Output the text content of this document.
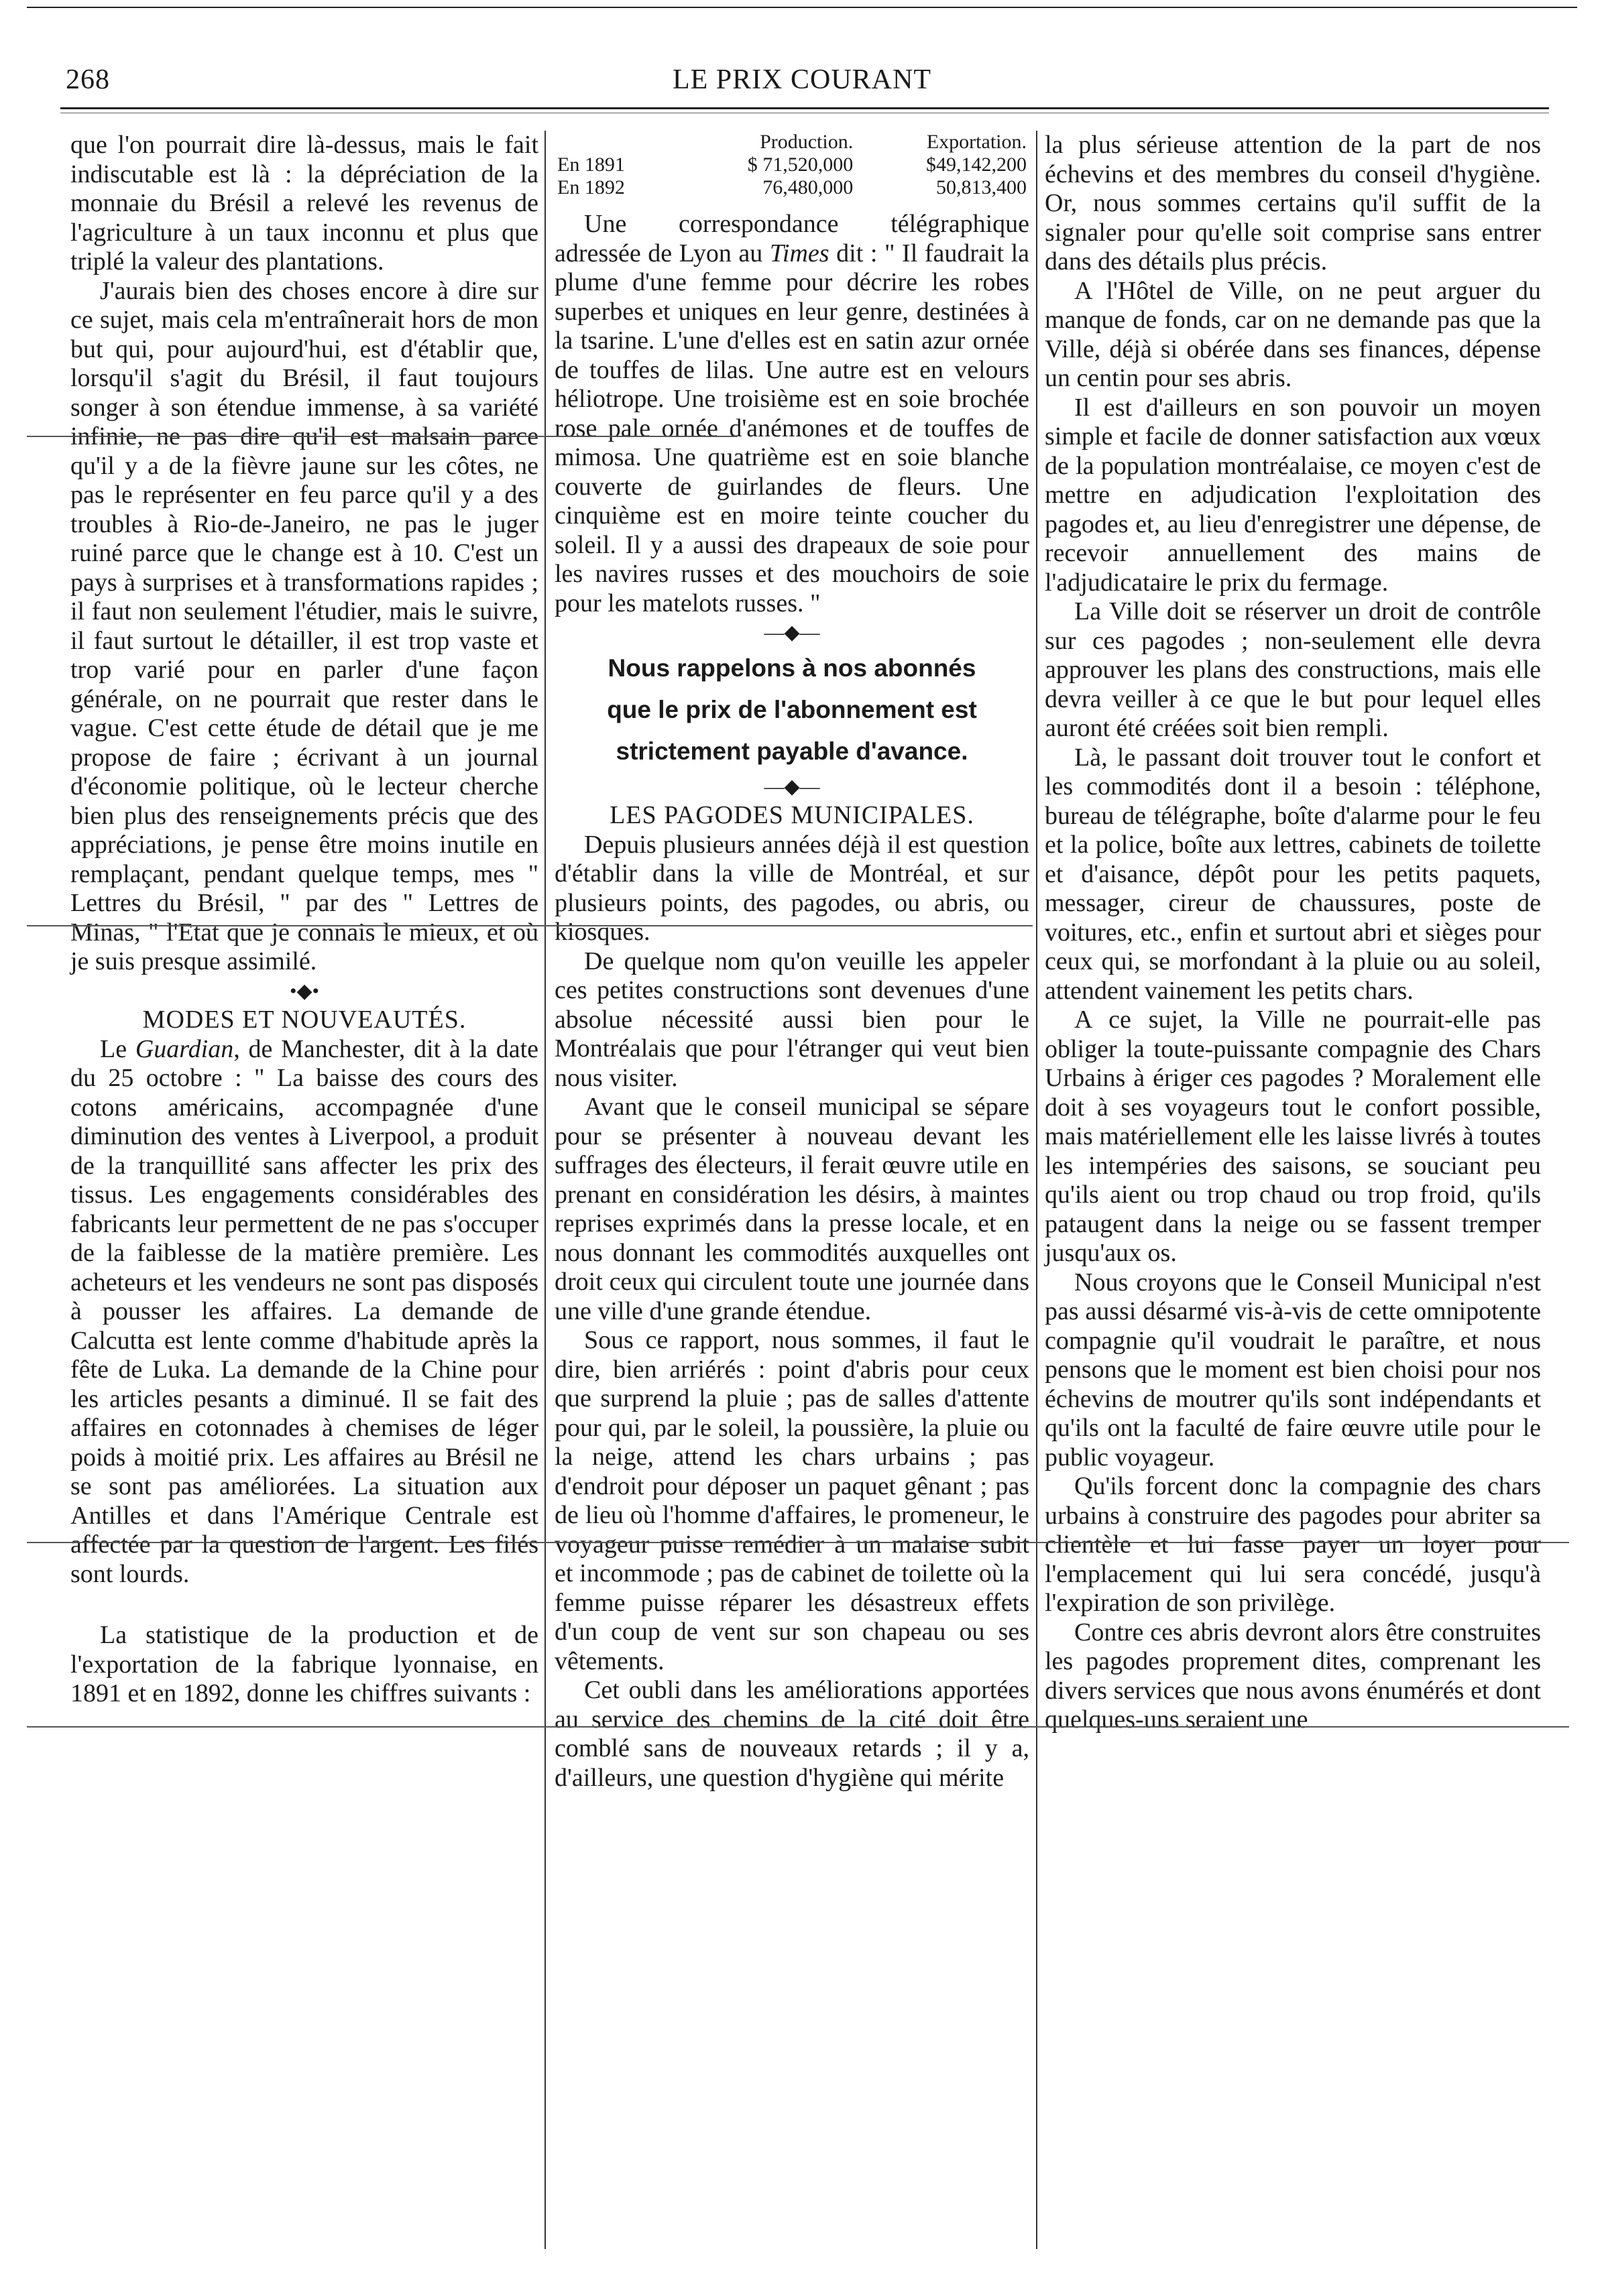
LE PRIX COURANT
268

que l'on pourrait dire là-dessus, mais le fait indiscutable est là : la dépréciation de la monnaie du Brésil a relevé les revenus de l'agriculture à un taux inconnu et plus que triplé la valeur des plantations.

J'aurais bien des choses encore à dire sur ce sujet, mais cela m'entraînerait hors de mon but qui, pour aujourd'hui, est d'établir que, lorsqu'il s'agit du Brésil, il faut toujours songer à son étendue immense, à sa variété infinie, ne pas dire qu'il est malsain parce qu'il y a de la fièvre jaune sur les côtes, ne pas le représenter en feu parce qu'il y a des troubles à Rio-de-Janeiro, ne pas le juger ruiné parce que le change est à 10. C'est un pays à surprises et à transformations rapides ; il faut non seulement l'étudier, mais le suivre, il faut surtout le détailler, il est trop vaste et trop varié pour en parler d'une façon générale, on ne pourrait que rester dans le vague. C'est cette étude de détail que je me propose de faire ; écrivant à un journal d'économie politique, où le lecteur cherche bien plus des renseignements précis que des appréciations, je pense être moins inutile en remplaçant, pendant quelque temps, mes " Lettres du Brésil, " par des " Lettres de Minas, " l'Etat que je connais le mieux, et où je suis presque assimilé.

•◆•

MODES ET NOUVEAUTÉS.

Le Guardian, de Manchester, dit à la date du 25 octobre : " La baisse des cours des cotons américains, accompagnée d'une diminution des ventes à Liverpool, a produit de la tranquillité sans affecter les prix des tissus. Les engagements considérables des fabricants leur permettent de ne pas s'occuper de la faiblesse de la matière première. Les acheteurs et les vendeurs ne sont pas disposés à pousser les affaires. La demande de Calcutta est lente comme d'habitude après la fête de Luka. La demande de la Chine pour les articles pesants a diminué. Il se fait des affaires en cotonnades à chemises de léger poids à moitié prix. Les affaires au Brésil ne se sont pas améliorées. La situation aux Antilles et dans l'Amérique Centrale est affectée par la question de l'argent. Les filés sont lourds.

La statistique de la production et de l'exportation de la fabrique lyonnaise, en 1891 et en 1892, donne les chiffres suivants :

	Production.	Exportation.
En 1891	$ 71,520,000	$49,142,200
En 1892	76,480,000	50,813,400

Une correspondance télégraphique adressée de Lyon au Times dit : " Il faudrait la plume d'une femme pour décrire les robes superbes et uniques en leur genre, destinées à la tsarine. L'une d'elles est en satin azur ornée de touffes de lilas. Une autre est en velours héliotrope. Une troisième est en soie brochée rose pale ornée d'anémones et de touffes de mimosa. Une quatrième est en soie blanche couverte de guirlandes de fleurs. Une cinquième est en moire teinte coucher du soleil. Il y a aussi des drapeaux de soie pour les navires russes et des mouchoirs de soie pour les matelots russes. "

—◆—

Nous rappelons à nos abonnés
que le prix de l'abonnement est
strictement payable d'avance.

—◆—

LES PAGODES MUNICIPALES.

Depuis plusieurs années déjà il est question d'établir dans la ville de Montréal, et sur plusieurs points, des pagodes, ou abris, ou kiosques.

De quelque nom qu'on veuille les appeler ces petites constructions sont devenues d'une absolue nécessité aussi bien pour le Montréalais que pour l'étranger qui veut bien nous visiter.

Avant que le conseil municipal se sépare pour se présenter à nouveau devant les suffrages des électeurs, il ferait œuvre utile en prenant en considération les désirs, à maintes reprises exprimés dans la presse locale, et en nous donnant les commodités auxquelles ont droit ceux qui circulent toute une journée dans une ville d'une grande étendue.

Sous ce rapport, nous sommes, il faut le dire, bien arriérés : point d'abris pour ceux que surprend la pluie ; pas de salles d'attente pour qui, par le soleil, la poussière, la pluie ou la neige, attend les chars urbains ; pas d'endroit pour déposer un paquet gênant ; pas de lieu où l'homme d'affaires, le promeneur, le voyageur puisse remédier à un malaise subit et incommode ; pas de cabinet de toilette où la femme puisse réparer les désastreux effets d'un coup de vent sur son chapeau ou ses vêtements.

Cet oubli dans les améliorations apportées au service des chemins de la cité doit être comblé sans de nouveaux retards ; il y a, d'ailleurs, une question d'hygiène qui mérite

la plus sérieuse attention de la part de nos échevins et des membres du conseil d'hygiène. Or, nous sommes certains qu'il suffit de la signaler pour qu'elle soit comprise sans entrer dans des détails plus précis.

A l'Hôtel de Ville, on ne peut arguer du manque de fonds, car on ne demande pas que la Ville, déjà si obérée dans ses finances, dépense un centin pour ses abris.

Il est d'ailleurs en son pouvoir un moyen simple et facile de donner satisfaction aux vœux de la population montréalaise, ce moyen c'est de mettre en adjudication l'exploitation des pagodes et, au lieu d'enregistrer une dépense, de recevoir annuellement des mains de l'adjudicataire le prix du fermage.

La Ville doit se réserver un droit de contrôle sur ces pagodes ; non-seulement elle devra approuver les plans des constructions, mais elle devra veiller à ce que le but pour lequel elles auront été créées soit bien rempli.

Là, le passant doit trouver tout le confort et les commodités dont il a besoin : téléphone, bureau de télégraphe, boîte d'alarme pour le feu et la police, boîte aux lettres, cabinets de toilette et d'aisance, dépôt pour les petits paquets, messager, cireur de chaussures, poste de voitures, etc., enfin et surtout abri et sièges pour ceux qui, se morfondant à la pluie ou au soleil, attendent vainement les petits chars.

A ce sujet, la Ville ne pourrait-elle pas obliger la toute-puissante compagnie des Chars Urbains à ériger ces pagodes ? Moralement elle doit à ses voyageurs tout le confort possible, mais matériellement elle les laisse livrés à toutes les intempéries des saisons, se souciant peu qu'ils aient ou trop chaud ou trop froid, qu'ils pataugent dans la neige ou se fassent tremper jusqu'aux os.

Nous croyons que le Conseil Municipal n'est pas aussi désarmé vis-à-vis de cette omnipotente compagnie qu'il voudrait le paraître, et nous pensons que le moment est bien choisi pour nos échevins de moutrer qu'ils sont indépendants et qu'ils ont la faculté de faire œuvre utile pour le public voyageur.

Qu'ils forcent donc la compagnie des chars urbains à construire des pagodes pour abriter sa clientèle et lui fasse payer un loyer pour l'emplacement qui lui sera concédé, jusqu'à l'expiration de son privilège.

Contre ces abris devront alors être construites les pagodes proprement dites, comprenant les divers services que nous avons énumérés et dont quelques-uns seraient une
